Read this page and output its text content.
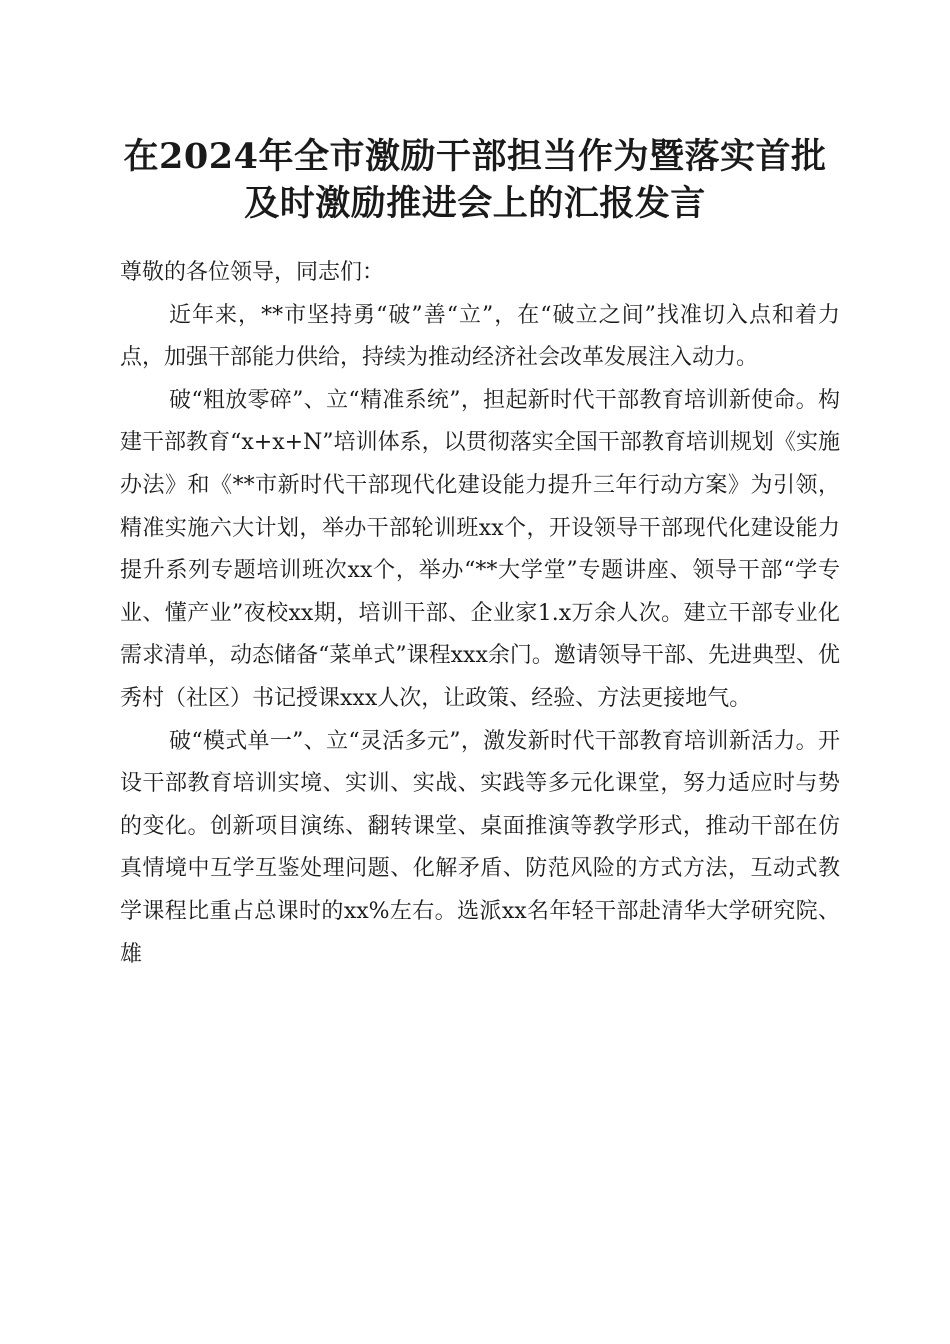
在2024年全市激励干部担当作为暨落实首批
及时激励推进会上的汇报发言

尊敬的各位领导，同志们：

近年来，**市坚持勇“破”善“立”，在“破立之间”找准切入点和着力点，加强干部能力供给，持续为推动经济社会改革发展注入动力。

破“粗放零碎”、立“精准系统”，担起新时代干部教育培训新使命。构建干部教育“x+x+N”培训体系，以贯彻落实全国干部教育培训规划《实施办法》和《**市新时代干部现代化建设能力提升三年行动方案》为引领，精准实施六大计划，举办干部轮训班xx个，开设领导干部现代化建设能力提升系列专题培训班次xx个，举办“**大学堂”专题讲座、领导干部“学专业、懂产业”夜校xx期，培训干部、企业家1.x万余人次。建立干部专业化需求清单，动态储备“菜单式”课程xxx余门。邀请领导干部、先进典型、优秀村（社区）书记授课xxx人次，让政策、经验、方法更接地气。

破“模式单一”、立“灵活多元”，激发新时代干部教育培训新活力。开设干部教育培训实境、实训、实战、实践等多元化课堂，努力适应时与势的变化。创新项目演练、翻转课堂、桌面推演等教学形式，推动干部在仿真情境中互学互鉴处理问题、化解矛盾、防范风险的方式方法，互动式教学课程比重占总课时的xx%左右。选派xx名年轻干部赴清华大学研究院、雄
